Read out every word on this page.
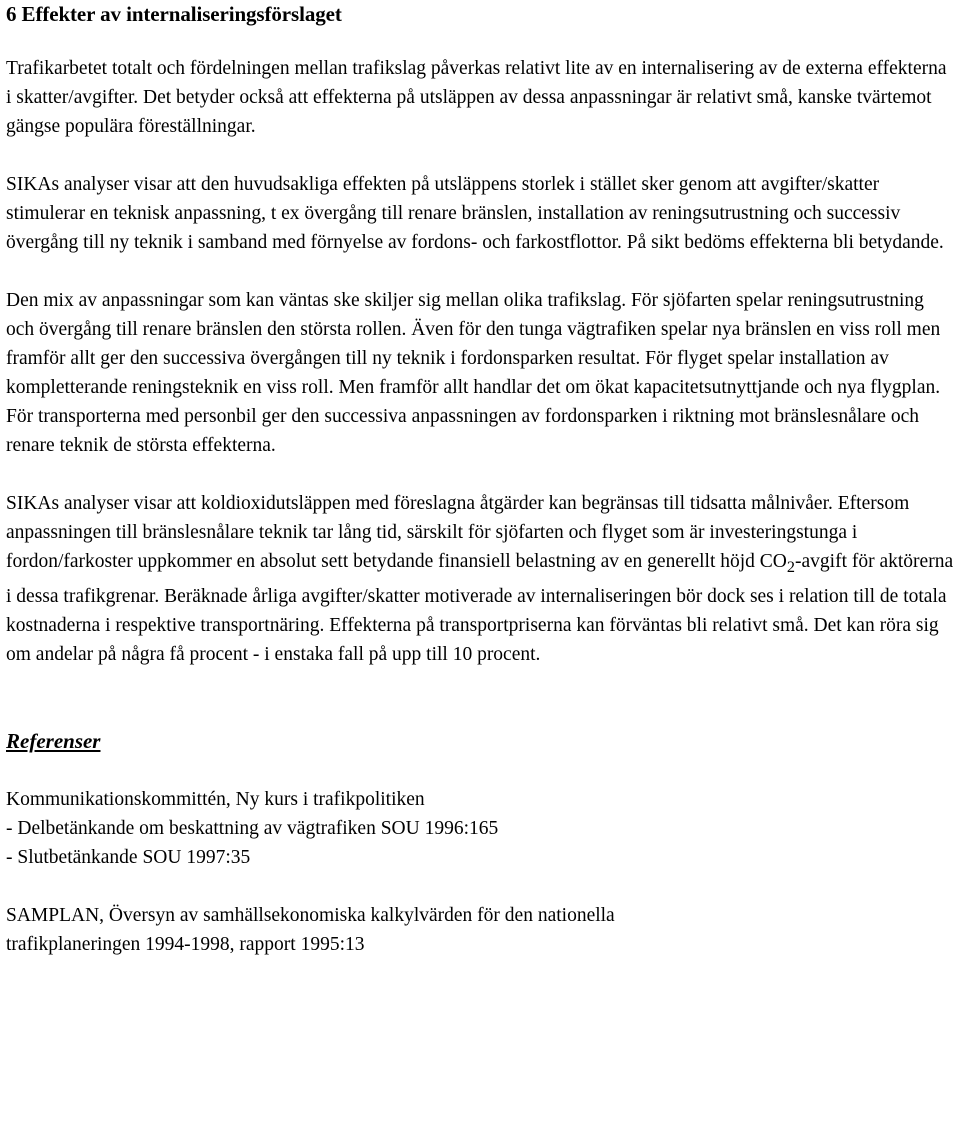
6 Effekter av internaliseringsförslaget

Trafikarbetet totalt och fördelningen mellan trafikslag påverkas relativt lite av en internalisering av de externa effekterna i skatter/avgifter. Det betyder också att effekterna på utsläppen av dessa anpassningar är relativt små, kanske tvärtemot gängse populära föreställningar.

SIKAs analyser visar att den huvudsakliga effekten på utsläppens storlek i stället sker genom att avgifter/skatter stimulerar en teknisk anpassning, t ex övergång till renare bränslen, installation av reningsutrustning och successiv övergång till ny teknik i samband med förnyelse av fordons- och farkostflottor. På sikt bedöms effekterna bli betydande.

Den mix av anpassningar som kan väntas ske skiljer sig mellan olika trafikslag. För sjöfarten spelar reningsutrustning och övergång till renare bränslen den största rollen. Även för den tunga vägtrafiken spelar nya bränslen en viss roll men framför allt ger den successiva övergången till ny teknik i fordonsparken resultat. För flyget spelar installation av kompletterande reningsteknik en viss roll. Men framför allt handlar det om ökat kapacitetsutnyttjande och nya flygplan. För transporterna med personbil ger den successiva anpassningen av fordonsparken i riktning mot bränslesnålare och renare teknik de största effekterna.

SIKAs analyser visar att koldioxidutsläppen med föreslagna åtgärder kan begränsas till tidsatta målnivåer. Eftersom anpassningen till bränslesnålare teknik tar lång tid, särskilt för sjöfarten och flyget som är investeringstunga i fordon/farkoster uppkommer en absolut sett betydande finansiell belastning av en generellt höjd $CO_2$-avgift för aktörerna i dessa trafikgrenar. Beräknade årliga avgifter/skatter motiverade av internaliseringen bör dock ses i relation till de totala kostnaderna i respektive transportnäring. Effekterna på transportpriserna kan förväntas bli relativt små. Det kan röra sig om andelar på några få procent - i enstaka fall på upp till 10 procent.

Referenser
Kommunikationskommittén, Ny kurs i trafikpolitiken
- Delbetänkande om beskattning av vägtrafiken SOU 1996:165
- Slutbetänkande SOU 1997:35
SAMPLAN, Översyn av samhällsekonomiska kalkylvärden för den nationella
trafikplaneringen 1994-1998, rapport 1995:13
